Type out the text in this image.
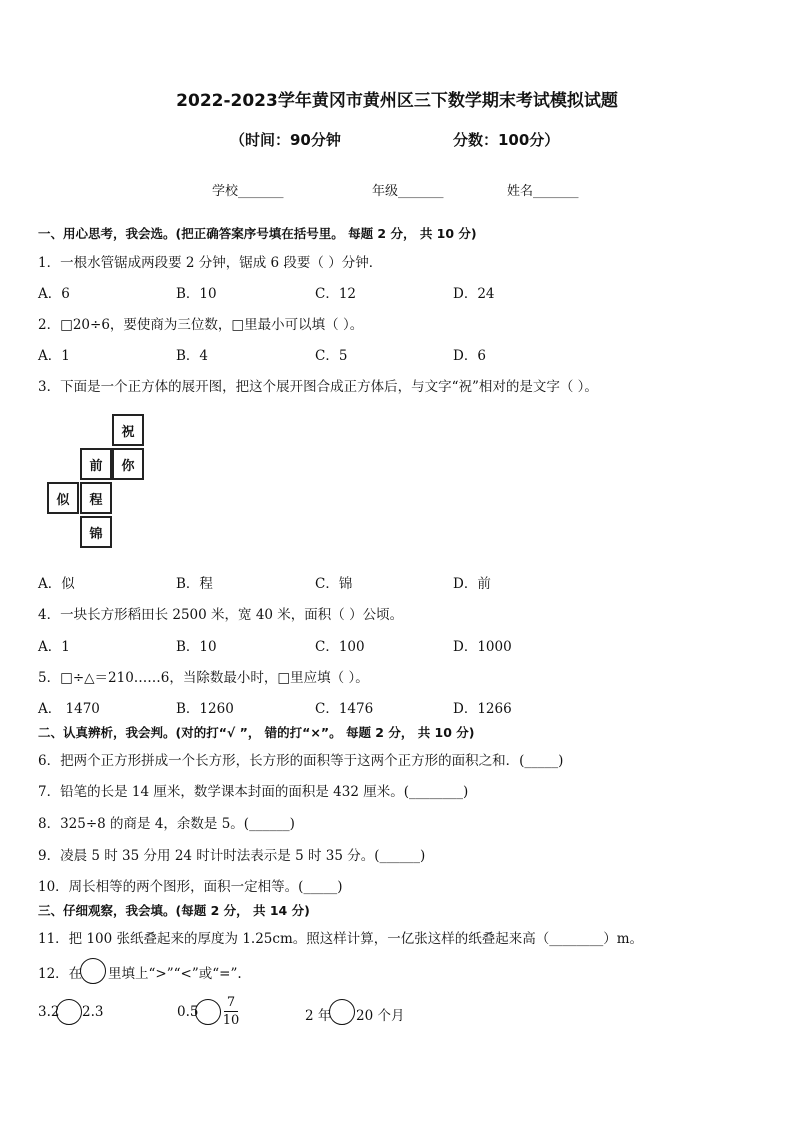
2022-2023学年黄冈市黄州区三下数学期末考试模拟试题
（时间：90分钟	分数：100分）
学校_______	年级_______	姓名_______
一、用心思考，我会选。(把正确答案序号填在括号里。 每题 2 分， 共 10 分)
1．一根水管锯成两段要 2 分钟，锯成 6 段要（ ）分钟．
A．6	B．10	C．12	D．24
2．□20÷6，要使商为三位数，□里最小可以填（ ）。
A．1	B．4	C．5	D．6
3．下面是一个正方体的展开图，把这个展开图合成正方体后，与文字“祝”相对的是文字（ ）。
祝
前	你
似	程
锦
A．似	B．程	C．锦	D．前
4．一块长方形稻田长 2500 米，宽 40 米，面积（ ）公顷。
A．1	B．10	C．100	D．1000
5．□÷△＝210……6，当除数最小时，□里应填（ ）。
A． 1470	B．1260	C．1476	D．1266
二、认真辨析，我会判。(对的打“√ ”， 错的打“×”。 每题 2 分， 共 10 分)
6．把两个正方形拼成一个长方形，长方形的面积等于这两个正方形的面积之和．(_____)
7．铅笔的长是 14 厘米，数学课本封面的面积是 432 厘米。(________)
8．325÷8 的商是 4，余数是 5。(______)
9．凌晨 5 时 35 分用 24 时计时法表示是 5 时 35 分。(______)
10．周长相等的两个图形，面积一定相等。(_____)
三、仔细观察，我会填。(每题 2 分， 共 14 分)
11．把 100 张纸叠起来的厚度为 1.25cm。照这样计算，一亿张这样的纸叠起来高（________）m。
12．在 里填上“>”“<”或“=”.
3.2 2.3	0.5
7
10	2 年 20 个月
